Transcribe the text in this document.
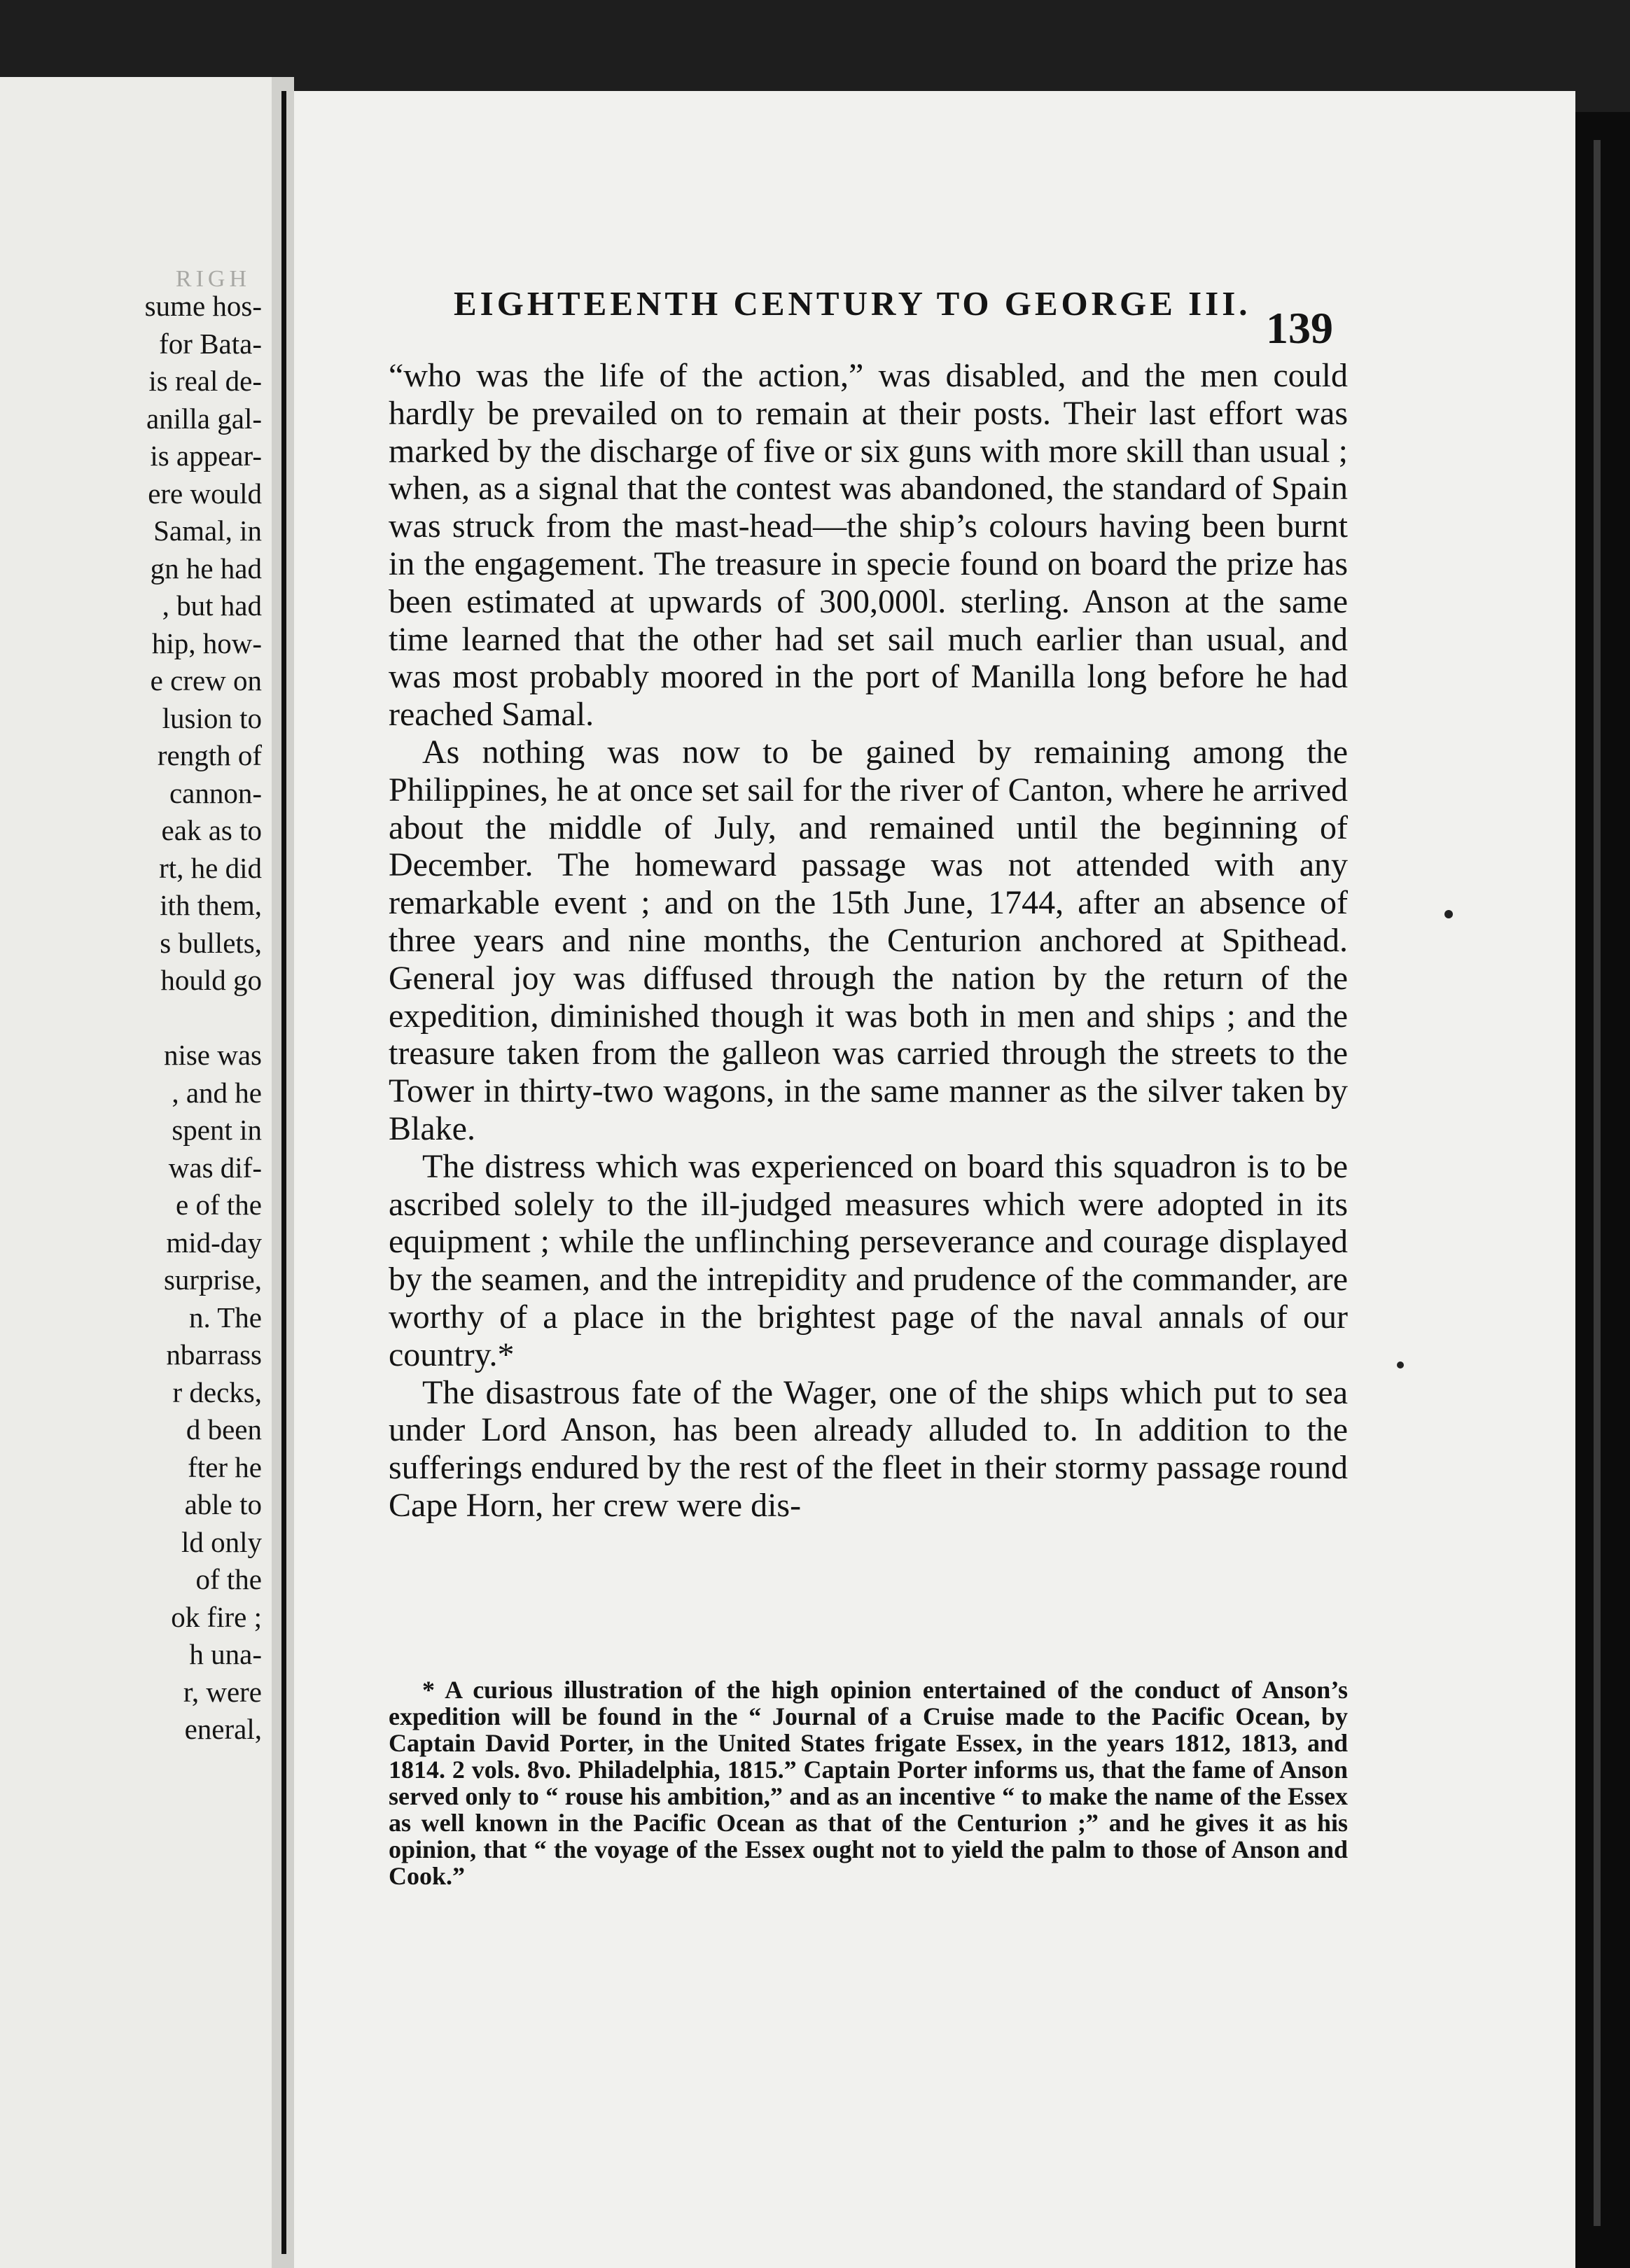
RIGH
sume hos-
for Bata-
is real de-
anilla gal-
is appear-
ere would
Samal, in
gn he had
, but had
hip, how-
e crew on
lusion to
rength of
cannon-
eak as to
rt, he did
ith them,
s bullets,
hould go
nise was
, and he
spent in
was dif-
e of the
mid-day
surprise,
n. The
nbarrass
r decks,
d been
fter he
able to
ld only
of the
ok fire ;
h una-
r, were
eneral,
EIGHTEENTH CENTURY TO GEORGE III. 139

“who was the life of the action,” was disabled, and the men could hardly be prevailed on to remain at their posts. Their last effort was marked by the discharge of five or six guns with more skill than usual ; when, as a signal that the contest was abandoned, the standard of Spain was struck from the mast-head—the ship’s colours having been burnt in the engagement. The treasure in specie found on board the prize has been estimated at upwards of 300,000l. sterling. Anson at the same time learned that the other had set sail much earlier than usual, and was most probably moored in the port of Manilla long before he had reached Samal.

As nothing was now to be gained by remaining among the Philippines, he at once set sail for the river of Canton, where he arrived about the middle of July, and remained until the beginning of December. The homeward passage was not attended with any remarkable event ; and on the 15th June, 1744, after an absence of three years and nine months, the Centurion anchored at Spithead. General joy was diffused through the nation by the return of the expedition, diminished though it was both in men and ships ; and the treasure taken from the galleon was carried through the streets to the Tower in thirty-two wagons, in the same manner as the silver taken by Blake.

The distress which was experienced on board this squadron is to be ascribed solely to the ill-judged measures which were adopted in its equipment ; while the unflinching perseverance and courage displayed by the seamen, and the intrepidity and prudence of the commander, are worthy of a place in the brightest page of the naval annals of our country.*

The disastrous fate of the Wager, one of the ships which put to sea under Lord Anson, has been already alluded to. In addition to the sufferings endured by the rest of the fleet in their stormy passage round Cape Horn, her crew were dis-

* A curious illustration of the high opinion entertained of the conduct of Anson’s expedition will be found in the “ Journal of a Cruise made to the Pacific Ocean, by Captain David Porter, in the United States frigate Essex, in the years 1812, 1813, and 1814. 2 vols. 8vo. Philadelphia, 1815.” Captain Porter informs us, that the fame of Anson served only to “ rouse his ambition,” and as an incentive “ to make the name of the Essex as well known in the Pacific Ocean as that of the Centurion ;” and he gives it as his opinion, that “ the voyage of the Essex ought not to yield the palm to those of Anson and Cook.”
